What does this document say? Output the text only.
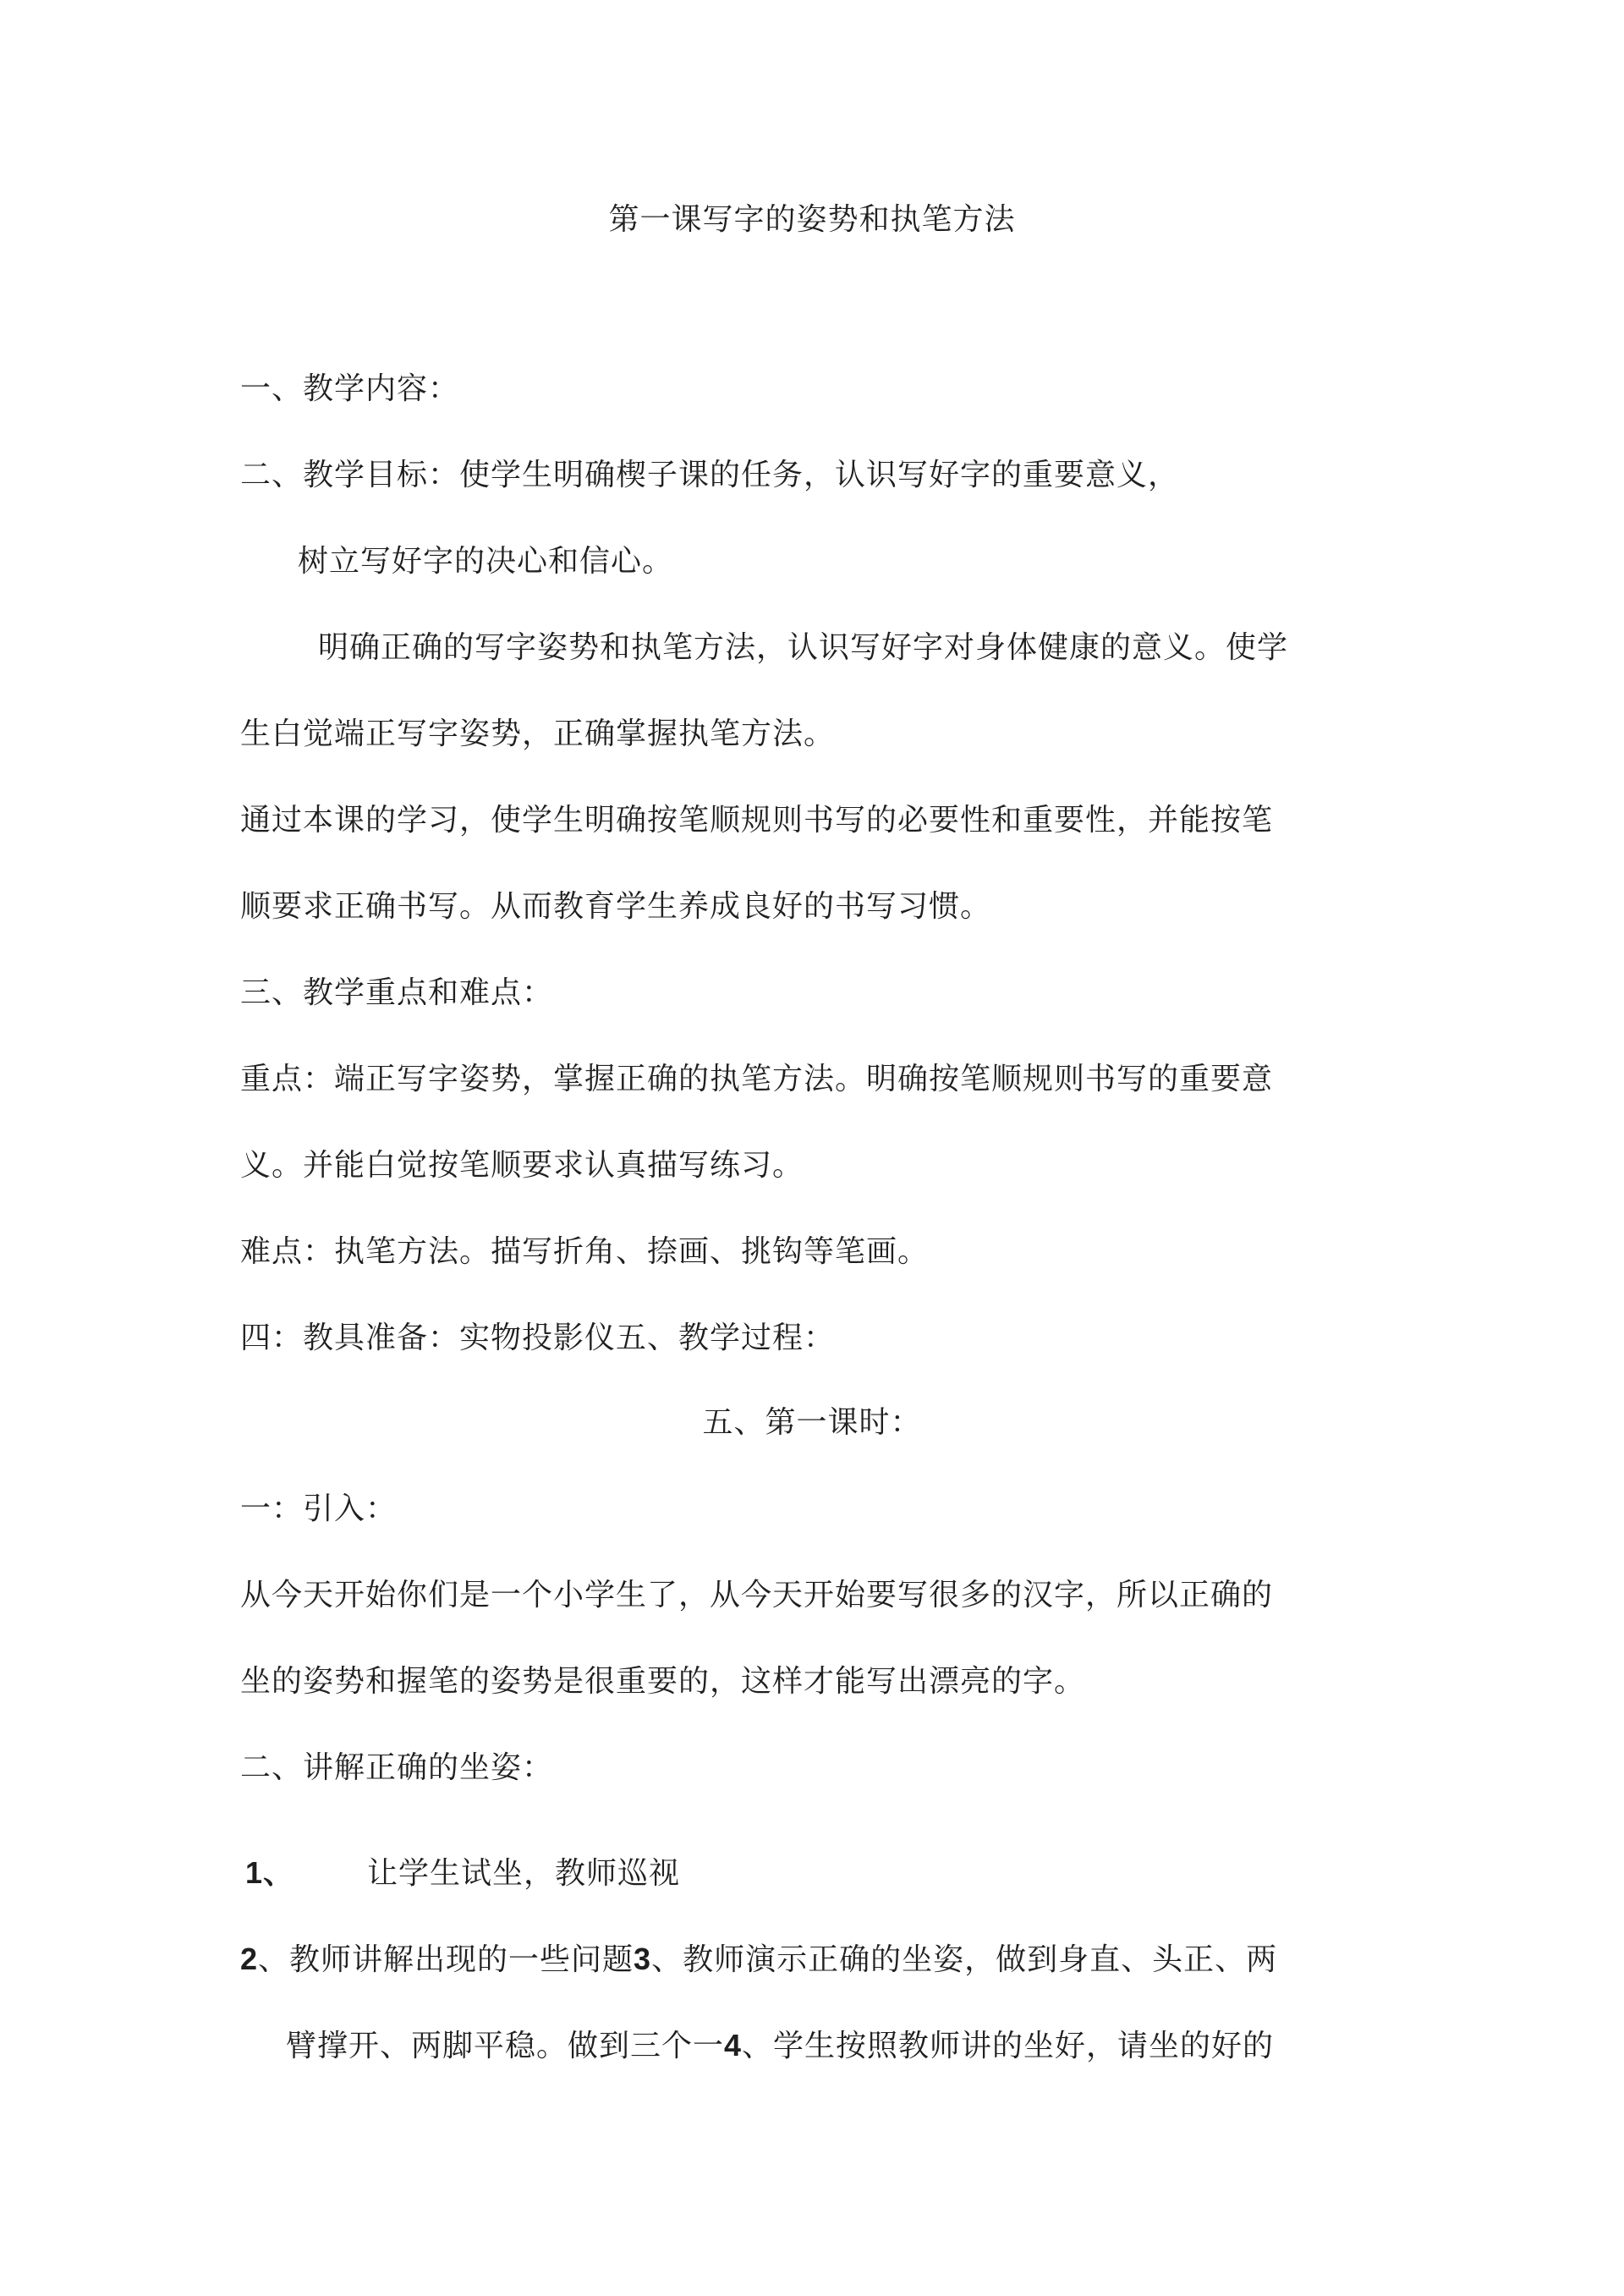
第一课写字的姿势和执笔方法
一、教学内容：
二、教学目标：使学生明确楔子课的任务，认识写好字的重要意义，
树立写好字的决心和信心。
明确正确的写字姿势和执笔方法，认识写好字对身体健康的意义。使学
生白觉端正写字姿势，正确掌握执笔方法。
通过本课的学习，使学生明确按笔顺规则书写的必要性和重要性，并能按笔
顺要求正确书写。从而教育学生养成良好的书写习惯。
三、教学重点和难点：
重点：端正写字姿势，掌握正确的执笔方法。明确按笔顺规则书写的重要意
义。并能白觉按笔顺要求认真描写练习。
难点：执笔方法。描写折角、捺画、挑钩等笔画。
四：教具准备：实物投影仪五、教学过程：
五、第一课时：
一：引入：
从今天开始你们是一个小学生了，从今天开始要写很多的汉字，所以正确的
坐的姿势和握笔的姿势是很重要的，这样才能写出漂亮的字。
二、讲解正确的坐姿：
1、 让学生试坐，教师巡视
2、教师讲解出现的一些问题3、教师演示正确的坐姿，做到身直、头正、两
臂撑开、两脚平稳。做到三个一4、学生按照教师讲的坐好，请坐的好的
